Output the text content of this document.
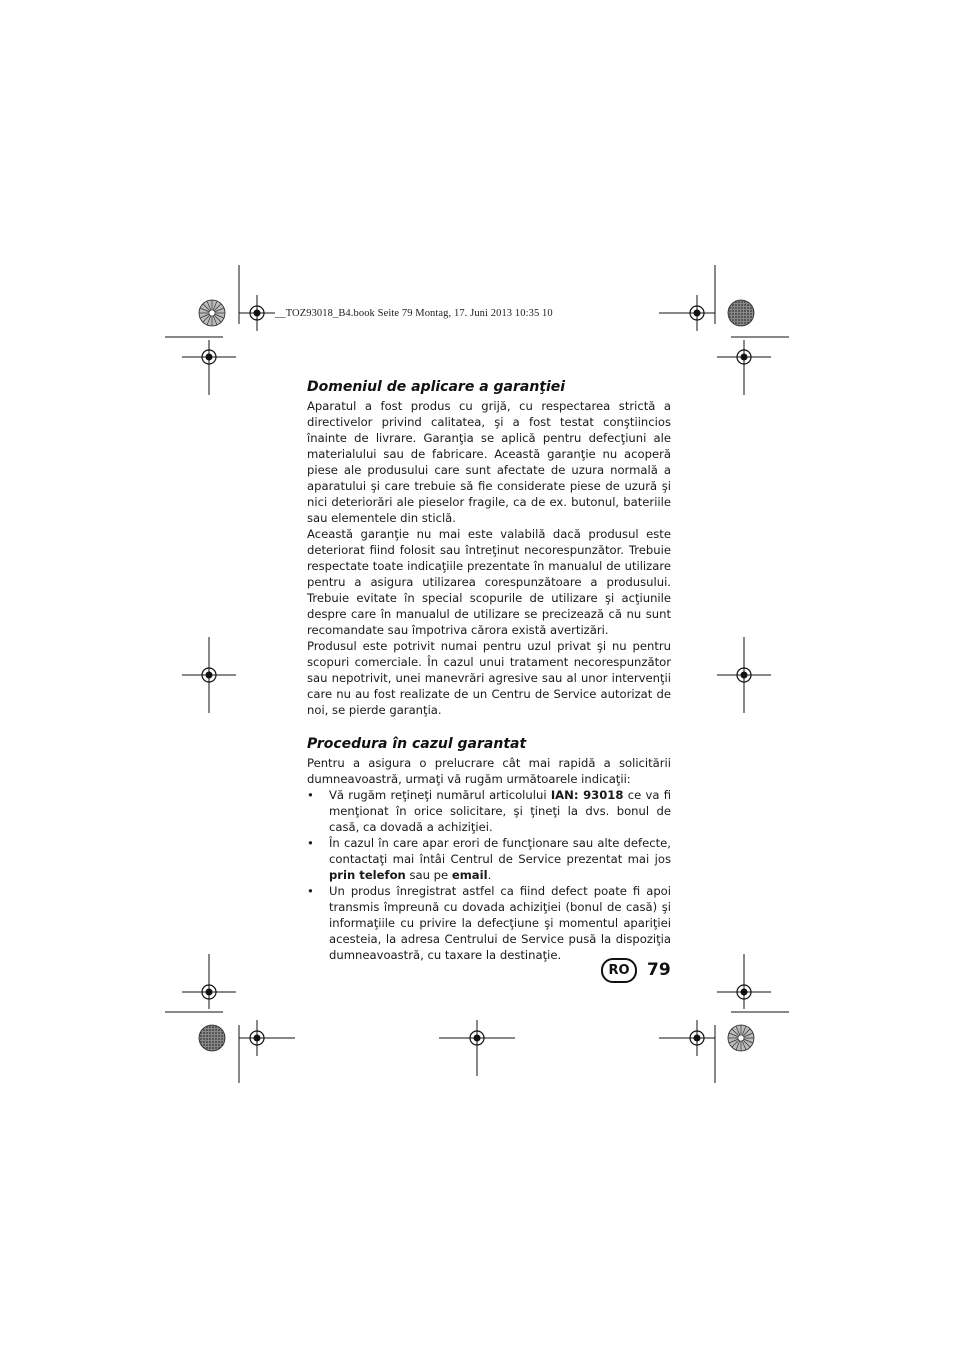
__TOZ93018_B4.book Seite 79 Montag, 17. Juni 2013 10:35 10
Domeniul de aplicare a garanţiei

Aparatul a fost produs cu grijă, cu respectarea strictă a directivelor privind calitatea, şi a fost testat conştiincios înainte de livrare. Garanţia se aplică pentru defecţiuni ale materialului sau de fabricare. Această garanţie nu acoperă piese ale produsului care sunt afectate de uzura normală a aparatului şi care trebuie să fie considerate piese de uzură şi nici deteriorări ale pieselor fragile, ca de ex. butonul, bateriile sau elementele din sticlă.

Această garanţie nu mai este valabilă dacă produsul este deteriorat fiind folosit sau întreţinut necorespunzător. Trebuie respectate toate indicaţiile prezentate în manualul de utilizare pentru a asigura utilizarea corespunzătoare a produsului. Trebuie evitate în special scopurile de utilizare şi acţiunile despre care în manualul de utilizare se precizează că nu sunt recomandate sau împotriva cărora există avertizări.

Produsul este potrivit numai pentru uzul privat şi nu pentru scopuri comerciale. În cazul unui tratament necorespunzător sau nepotrivit, unei manevrări agresive sau al unor intervenţii care nu au fost realizate de un Centru de Service autorizat de noi, se pierde garanţia.

Procedura în cazul garantat

Pentru a asigura o prelucrare cât mai rapidă a solicitării dumneavoastră, urmaţi vă rugăm următoarele indicaţii:

• Vă rugăm reţineţi numărul articolului IAN: 93018 ce va fi menţionat în orice solicitare, şi ţineţi la dvs. bonul de casă, ca dovadă a achiziţiei.
• În cazul în care apar erori de funcţionare sau alte defecte, contactaţi mai întâi Centrul de Service prezentat mai jos prin telefon sau pe email.
• Un produs înregistrat astfel ca fiind defect poate fi apoi transmis împreună cu dovada achiziţiei (bonul de casă) şi informaţiile cu privire la defecţiune şi momentul apariţiei acesteia, la adresa Centrului de Service pusă la dispoziţia dumneavoastră, cu taxare la destinaţie.
RO	79
